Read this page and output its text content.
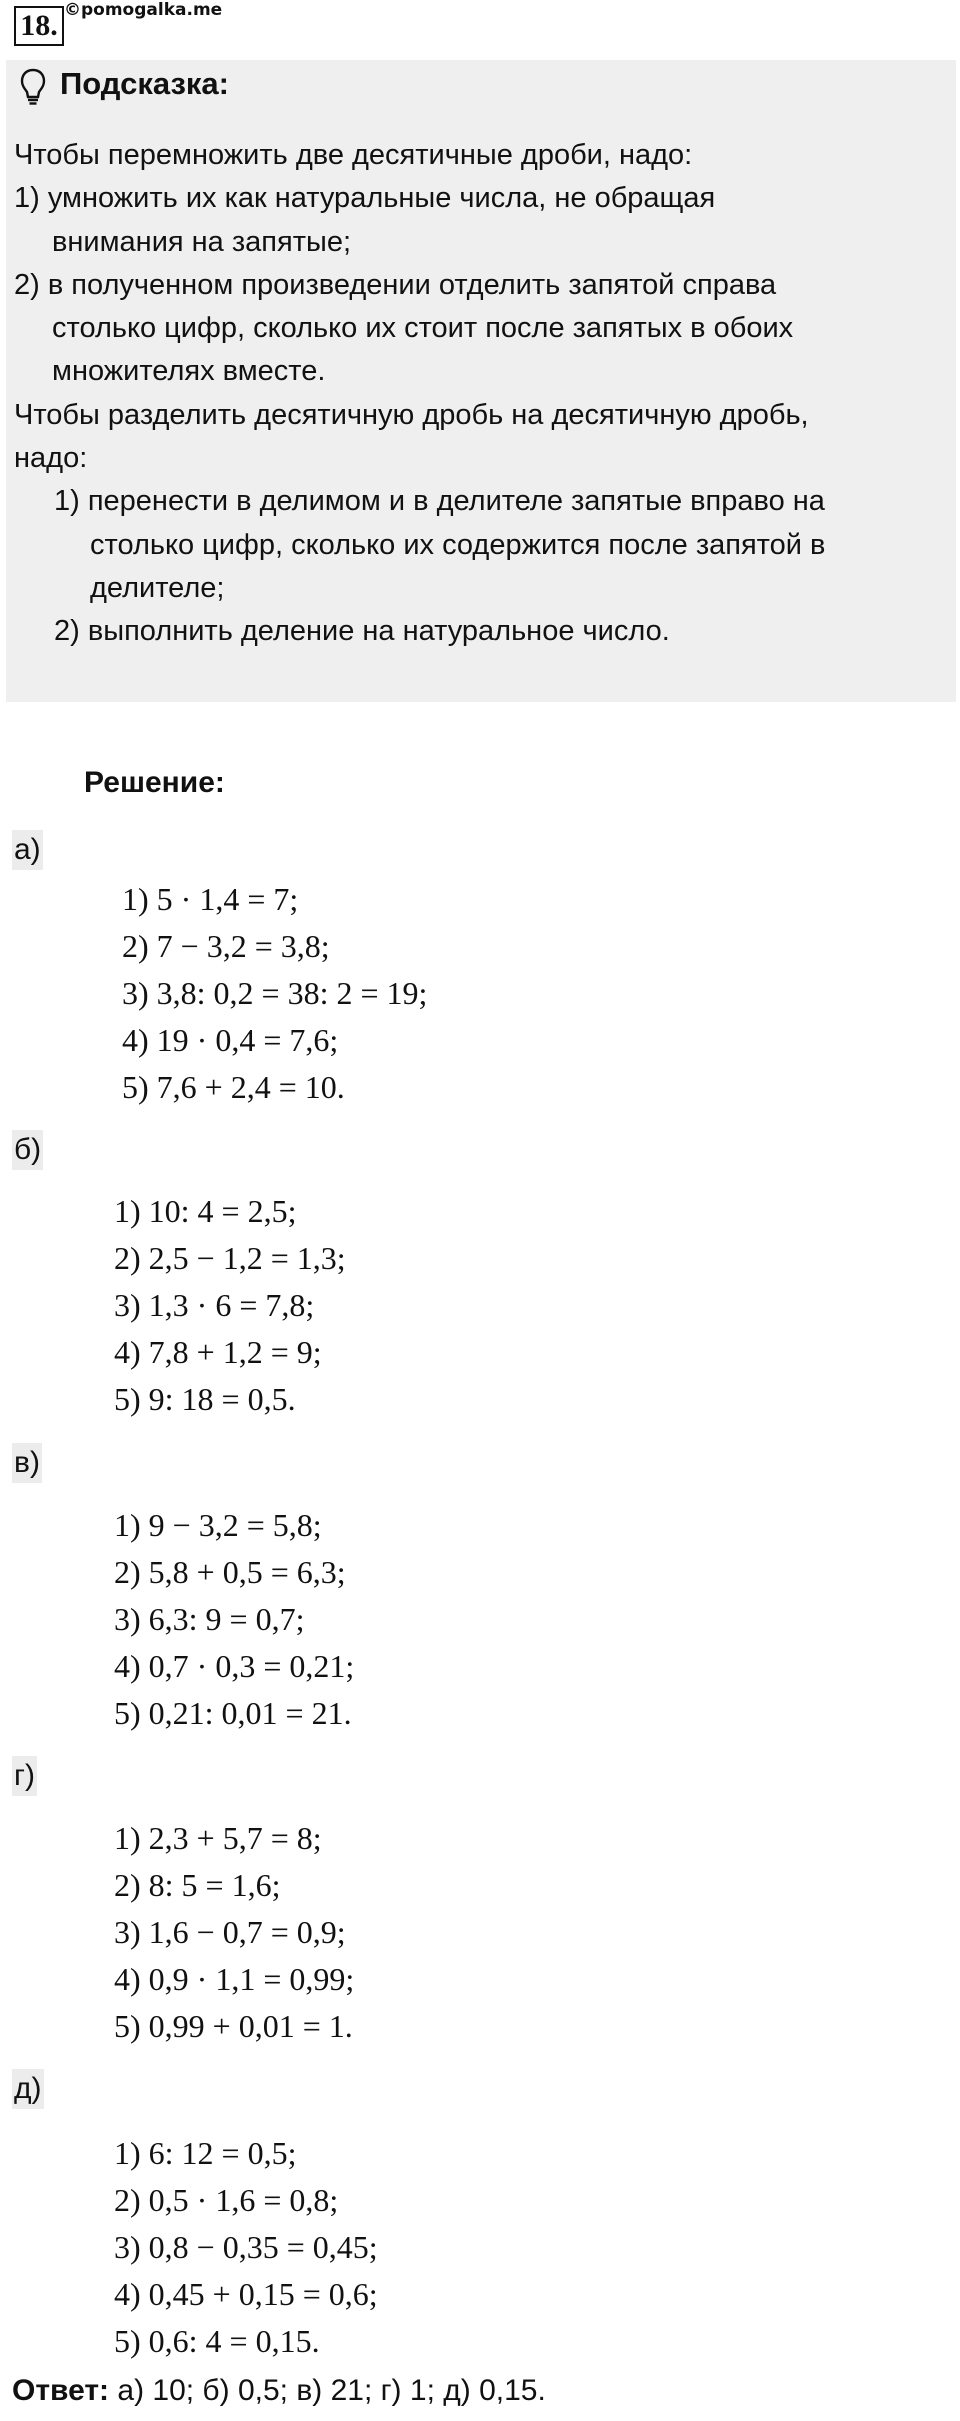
18. ©pomogalka.me
Подсказка:
Чтобы перемножить две десятичные дроби, надо:
1) умножить их как натуральные числа, не обращая
внимания на запятые;
2) в полученном произведении отделить запятой справа
столько цифр, сколько их стоит после запятых в обоих
множителях вместе.
Чтобы разделить десятичную дробь на десятичную дробь,
надо:
1) перенести в делимом и в делителе запятые вправо на
столько цифр, сколько их содержится после запятой в
делителе;
2) выполнить деление на натуральное число.
Решение:
а)
1) 5 · 1,4 = 7;
2) 7 − 3,2 = 3,8;
3) 3,8: 0,2 = 38: 2 = 19;
4) 19 · 0,4 = 7,6;
5) 7,6 + 2,4 = 10.
б)
1) 10: 4 = 2,5;
2) 2,5 − 1,2 = 1,3;
3) 1,3 · 6 = 7,8;
4) 7,8 + 1,2 = 9;
5) 9: 18 = 0,5.
в)
1) 9 − 3,2 = 5,8;
2) 5,8 + 0,5 = 6,3;
3) 6,3: 9 = 0,7;
4) 0,7 · 0,3 = 0,21;
5) 0,21: 0,01 = 21.
г)
1) 2,3 + 5,7 = 8;
2) 8: 5 = 1,6;
3) 1,6 − 0,7 = 0,9;
4) 0,9 · 1,1 = 0,99;
5) 0,99 + 0,01 = 1.
д)
1) 6: 12 = 0,5;
2) 0,5 · 1,6 = 0,8;
3) 0,8 − 0,35 = 0,45;
4) 0,45 + 0,15 = 0,6;
5) 0,6: 4 = 0,15.
Ответ: а) 10; б) 0,5; в) 21; г) 1; д) 0,15.
